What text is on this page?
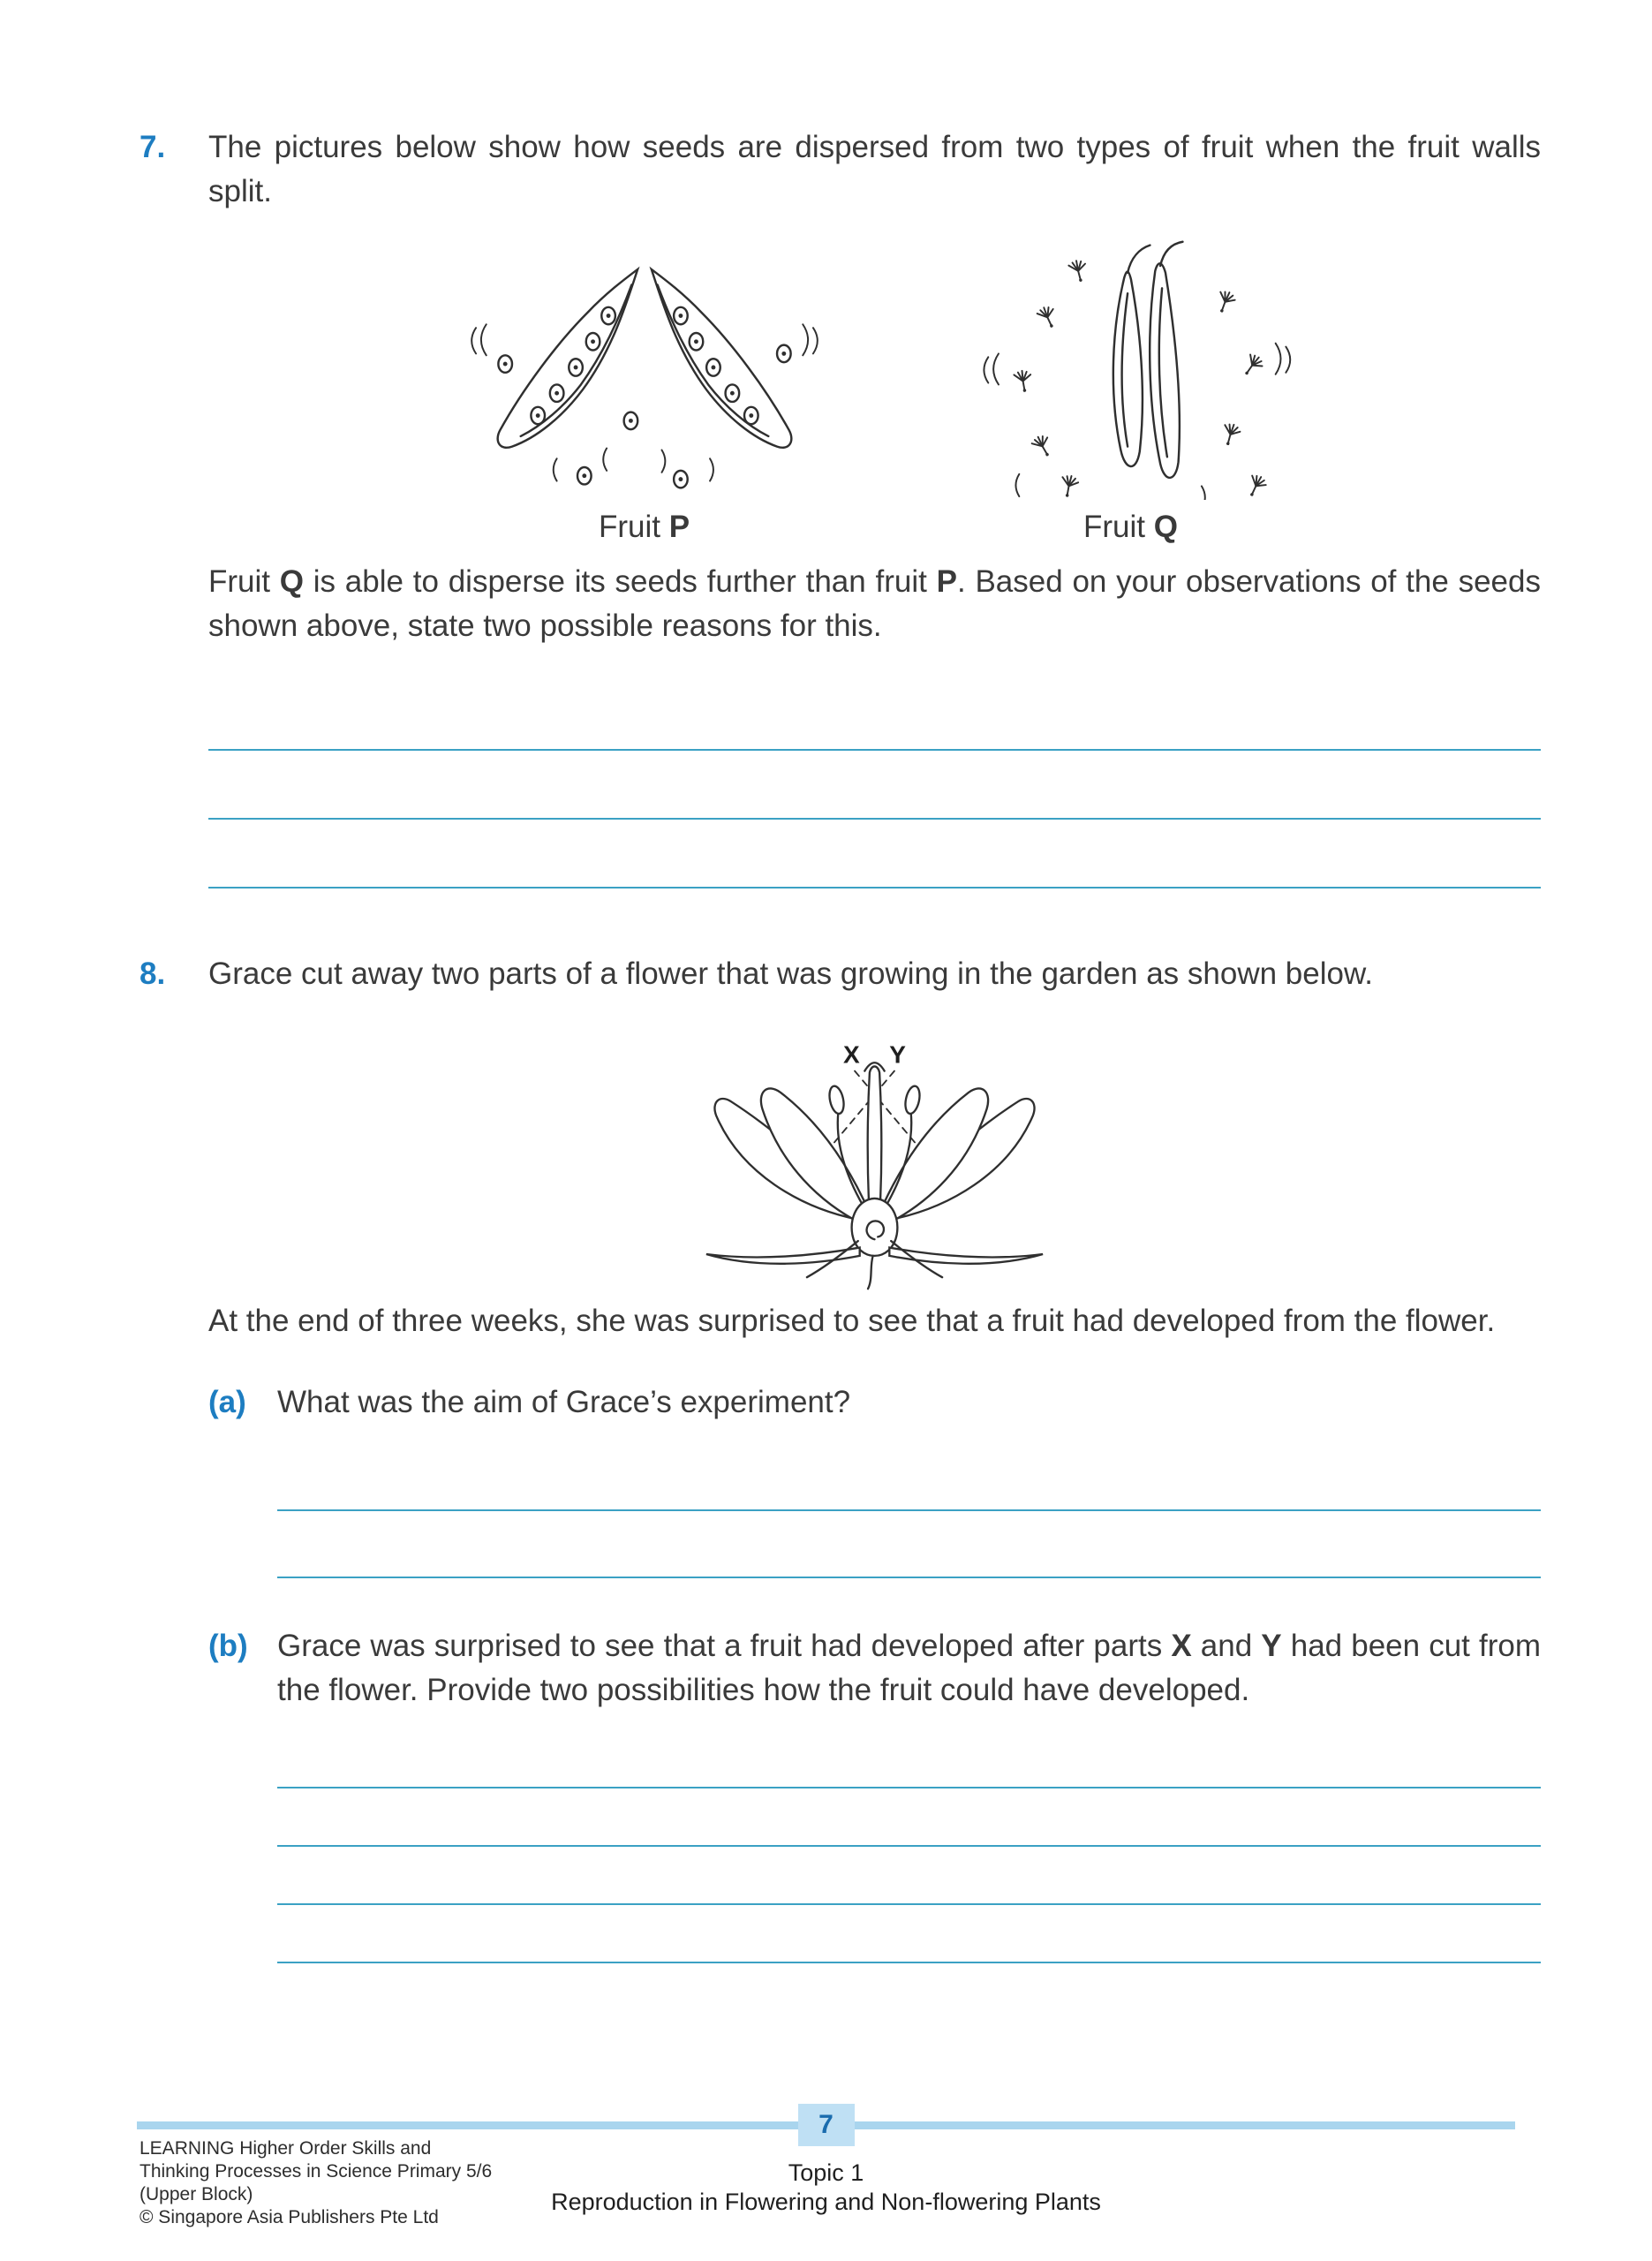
7.	The pictures below show how seeds are dispersed from two types of fruit when the fruit walls split.

Fruit P	Fruit Q

Fruit Q is able to disperse its seeds further than fruit P. Based on your observations of the seeds shown above, state two possible reasons for this.

8.	Grace cut away two parts of a flower that was growing in the garden as shown below.

X Y

At the end of three weeks, she was surprised to see that a fruit had developed from the flower.

(a)	What was the aim of Grace’s experiment?

(b) Grace was surprised to see that a fruit had developed after parts X and Y had been cut from the flower. Provide two possibilities how the fruit could have developed.

7
LEARNING Higher Order Skills and
Thinking Processes in Science Primary 5/6
(Upper Block)
© Singapore Asia Publishers Pte Ltd
Topic 1
Reproduction in Flowering and Non-flowering Plants
